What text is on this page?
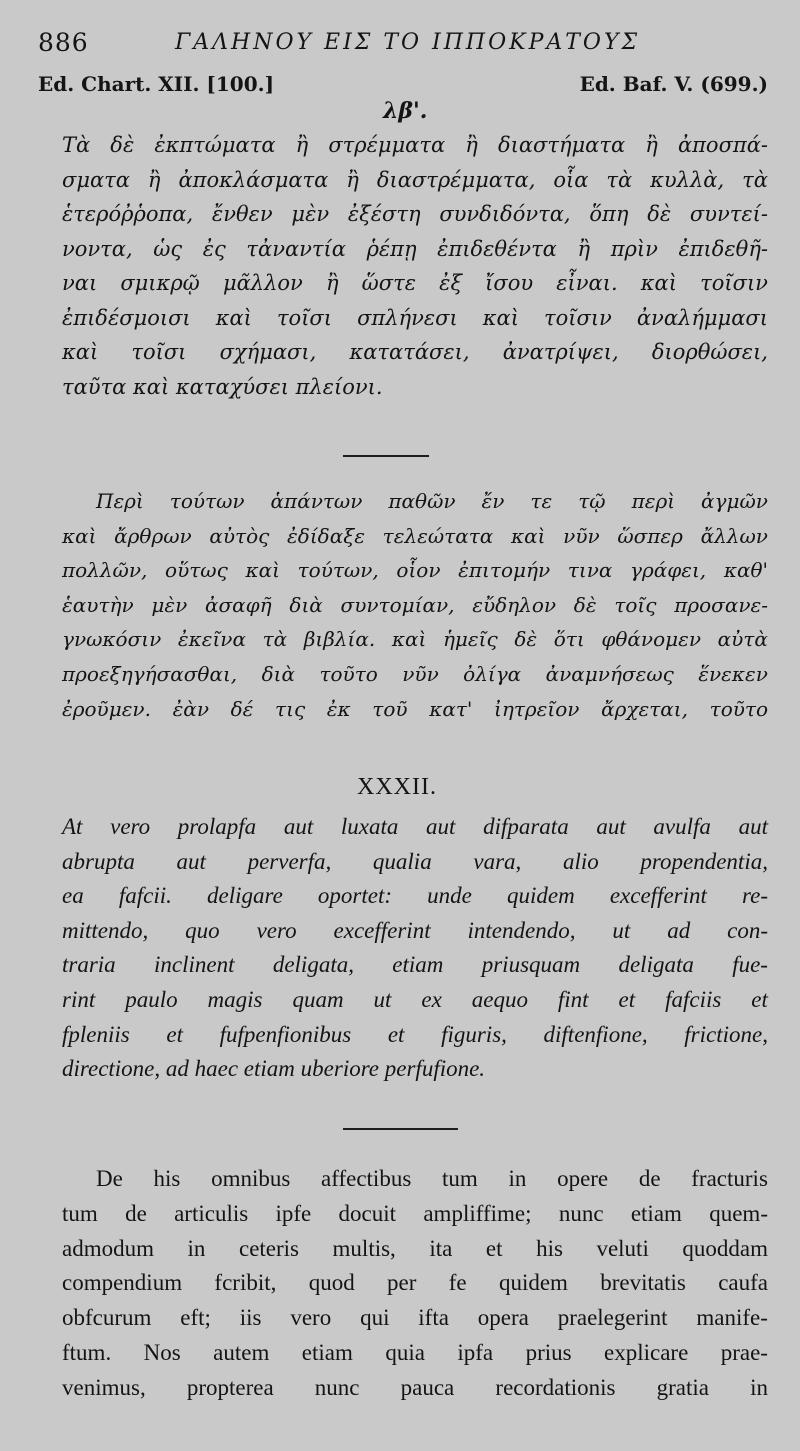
886	ΓΑΛΗΝΟΥ ΕΙΣ ΤΟ ΙΠΠΟΚΡΑΤΟΥΣ
Ed. Chart. XII. [100.]	Ed. Baf. V. (699.)
λβ'.
Τὰ δὲ ἐκπτώματα ἢ στρέμματα ἢ διαστήματα ἢ ἀποσπά-
σματα ἢ ἀποκλάσματα ἢ διαστρέμματα, οἷα τὰ κυλλὰ, τὰ
ἑτερόῤῥοπα, ἔνθεν μὲν ἐξέστη συνδιδόντα, ὅπη δὲ συντεί-
νοντα, ὡς ἐς τἀναντία ῥέπῃ ἐπιδεθέντα ἢ πρὶν ἐπιδεθῆ-
ναι σμικρῷ μᾶλλον ἢ ὥστε ἐξ ἴσου εἶναι. καὶ τοῖσιν
ἐπιδέσμοισι καὶ τοῖσι σπλήνεσι καὶ τοῖσιν ἀναλήμμασι
καὶ τοῖσι σχήμασι, κατατάσει, ἀνατρίψει, διορθώσει,
ταῦτα καὶ καταχύσει πλείονι.
Περὶ τούτων ἁπάντων παθῶν ἔν τε τῷ περὶ ἀγμῶν
καὶ ἄρθρων αὐτὸς ἐδίδαξε τελεώτατα καὶ νῦν ὥσπερ ἄλλων
πολλῶν, οὕτως καὶ τούτων, οἷον ἐπιτομήν τινα γράφει, καθ'
ἑαυτὴν μὲν ἀσαφῆ διὰ συντομίαν, εὔδηλον δὲ τοῖς προσανε-
γνωκόσιν ἐκεῖνα τὰ βιβλία. καὶ ἡμεῖς δὲ ὅτι φθάνομεν αὐτὰ
προεξηγήσασθαι, διὰ τοῦτο νῦν ὀλίγα ἀναμνήσεως ἕνεκεν
ἐροῦμεν. ἐὰν δέ τις ἐκ τοῦ κατ' ἰητρεῖον ἄρχεται, τοῦτο
XXXII.
At vero prolapfa aut luxata aut difparata aut avulfa aut
abrupta aut perverfa, qualia vara, alio propendentia,
ea fafcii. deligare oportet: unde quidem excefferint re-
mittendo, quo vero excefferint intendendo, ut ad con-
traria inclinent deligata, etiam priusquam deligata fue-
rint paulo magis quam ut ex aequo fint et fafciis et
fpleniis et fufpenfionibus et figuris, diftenfione, frictione,
directione, ad haec etiam uberiore perfufione.
De his omnibus affectibus tum in opere de fracturis
tum de articulis ipfe docuit ampliffime; nunc etiam quem-
admodum in ceteris multis, ita et his veluti quoddam
compendium fcribit, quod per fe quidem brevitatis caufa
obfcurum eft; iis vero qui ifta opera praelegerint manife-
ftum. Nos autem etiam quia ipfa prius explicare prae-
venimus, propterea nunc pauca recordationis gratia in
